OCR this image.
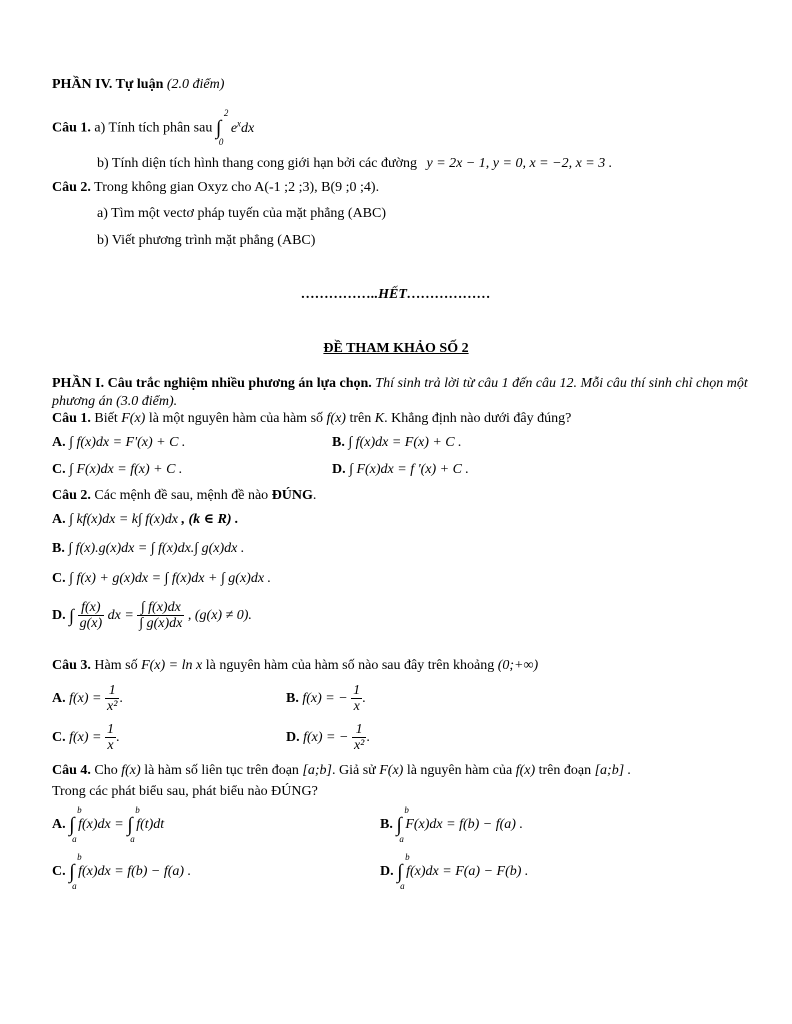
PHẦN IV. Tự luận (2.0 điểm)
Câu 1. a) Tính tích phân sau ∫
2
0
$e^xdx$
b) Tính diện tích hình thang cong giới hạn bởi các đường y = 2x − 1, y = 0, x = −2, x = 3 .
Câu 2. Trong không gian Oxyz cho A(-1 ;2 ;3), B(9 ;0 ;4).
a) Tìm một vectơ pháp tuyến của mặt phẳng (ABC)
b) Viết phương trình mặt phẳng (ABC)
……………..HẾT………………
ĐỀ THAM KHẢO SỐ 2
PHẦN I. Câu trắc nghiệm nhiều phương án lựa chọn. Thí sinh trả lời từ câu 1 đến câu 12. Mỗi câu thí sinh chỉ chọn một phương án (3.0 điểm).
Câu 1. Biết F(x) là một nguyên hàm của hàm số f(x) trên K. Khẳng định nào dưới đây đúng?
A. ∫ f(x)dx = F'(x) + C .	B. ∫ f(x)dx = F(x) + C .
C. ∫ F(x)dx = f(x) + C .	D. ∫ F(x)dx = f '(x) + C .
Câu 2. Các mệnh đề sau, mệnh đề nào ĐÚNG.
A. ∫ kf(x)dx = k∫ f(x)dx , (k ∈ R) .
B. ∫ f(x).g(x)dx = ∫ f(x)dx.∫ g(x)dx .
C. ∫ f(x) + g(x)dx = ∫ f(x)dx + ∫ g(x)dx .
D. ∫ $\frac{f(x)}{g(x)}$ dx = $\frac{\int f(x)dx}{\int g(x)dx}$ , (g(x) ≠ 0).
Câu 3. Hàm số F(x) = ln x là nguyên hàm của hàm số nào sau đây trên khoảng (0;+∞)
A. $f(x) = \frac{1}{\text{x²}}$ .	B. f(x) = − $\frac{1}{x}$ .
C. $f(x) = \frac{1}{x}$ .	D. f(x) = − $\frac{1}{\text{x²}}$ .
Câu 4. Cho f(x) là hàm số liên tục trên đoạn [a;b]. Giả sử F(x) là nguyên hàm của f(x) trên đoạn [a;b] .
Trong các phát biểu sau, phát biểu nào ĐÚNG?
A. ∫
b
a
f(x)dx = ∫
b
a
f(t)dt	B. ∫
b
a
F(x)dx = f(b) − f(a) .
C. ∫
b
a
f(x)dx = f(b) − f(a) .	D. ∫
b
a
f(x)dx = F(a) − F(b) .
